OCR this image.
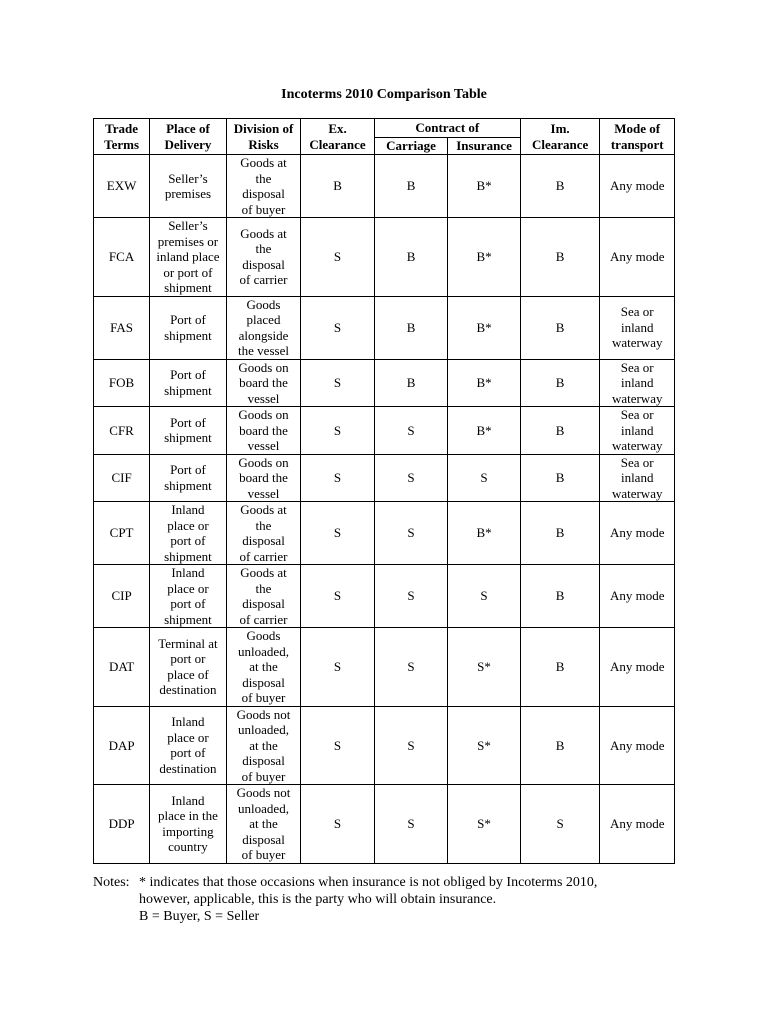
Incoterms 2010 Comparison Table
Trade Terms	Place of Delivery	Division of Risks	Ex. Clearance	Contract of		Im. Clearance	Mode of transport
				Carriage	Insurance		
EXW	Seller’s
premises	Goods at
the
disposal
of buyer	B	B	B*	B	Any mode

FCA	Seller’s
premises or
inland place
or port of
shipment	Goods at
the
disposal
of carrier	S	B	B*	B	Any mode

FAS	Port of
shipment	Goods
placed
alongside
the vessel	S	B	B*	B	Sea or
inland
waterway

FOB	Port of
shipment	Goods on
board the
vessel	S	B	B*	B	Sea or
inland
waterway

CFR	Port of
shipment	Goods on
board the
vessel	S	S	B*	B	Sea or
inland
waterway

CIF	Port of
shipment	Goods on
board the
vessel	S	S	S	B	Sea or
inland
waterway

CPT	Inland
place or
port of
shipment	Goods at
the
disposal
of carrier	S	S	B*	B	Any mode

CIP	Inland
place or
port of
shipment	Goods at
the
disposal
of carrier	S	S	S	B	Any mode

DAT	Terminal at
port or
place of
destination	Goods
unloaded,
at the
disposal
of buyer	S	S	S*	B	Any mode

DAP	Inland
place or
port of
destination	Goods not
unloaded,
at the
disposal
of buyer	S	S	S*	B	Any mode

DDP	Inland
place in the
importing
country	Goods not
unloaded,
at the
disposal
of buyer	S	S	S*	S	Any mode
Notes: * indicates that those occasions when insurance is not obliged by Incoterms 2010,
however, applicable, this is the party who will obtain insurance.
B = Buyer, S = Seller
